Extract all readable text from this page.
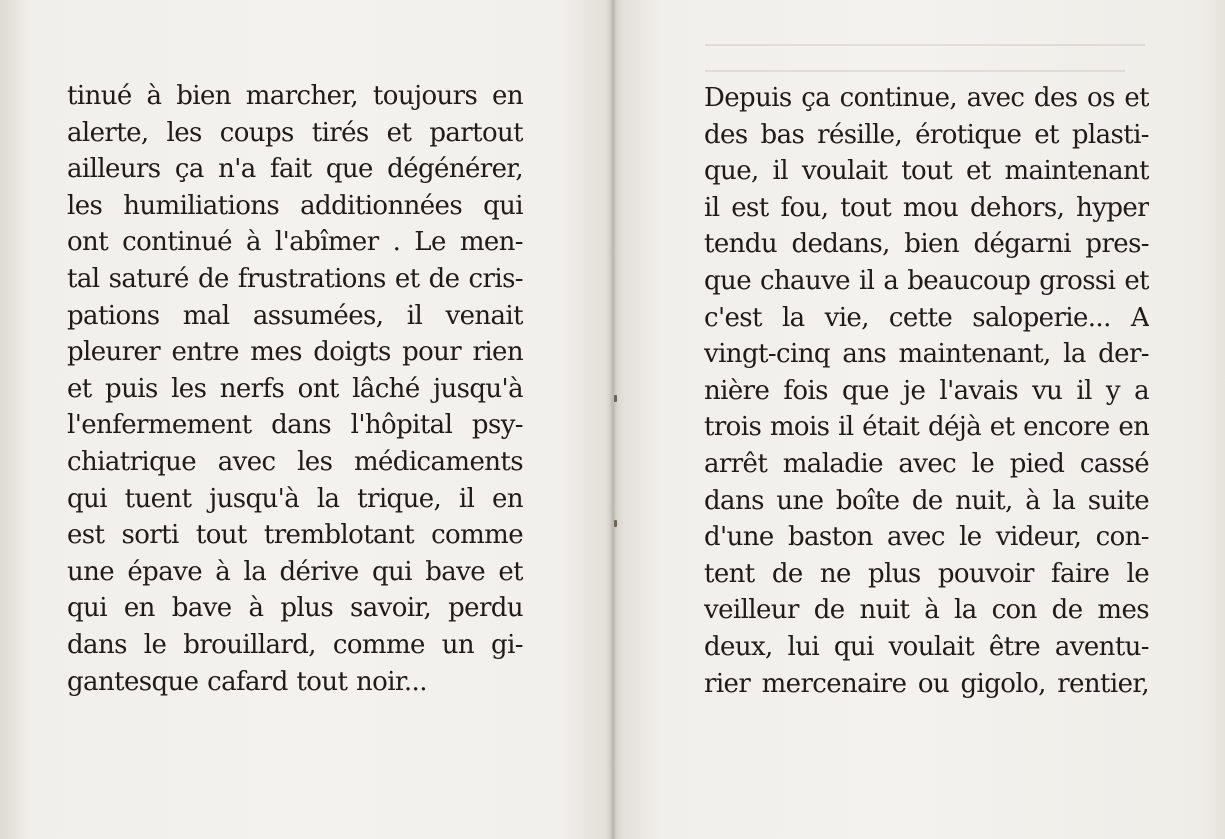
tinué à bien marcher, toujours en
alerte, les coups tirés et partout
ailleurs ça n'a fait que dégénérer,
les humiliations additionnées qui
ont continué à l'abîmer . Le men-
tal saturé de frustrations et de cris-
pations mal assumées, il venait
pleurer entre mes doigts pour rien
et puis les nerfs ont lâché jusqu'à
l'enfermement dans l'hôpital psy-
chiatrique avec les médicaments
qui tuent jusqu'à la trique, il en
est sorti tout tremblotant comme
une épave à la dérive qui bave et
qui en bave à plus savoir, perdu
dans le brouillard, comme un gi-
gantesque cafard tout noir...
Depuis ça continue, avec des os et
des bas résille, érotique et plasti-
que, il voulait tout et maintenant
il est fou, tout mou dehors, hyper
tendu dedans, bien dégarni pres-
que chauve il a beaucoup grossi et
c'est la vie, cette saloperie... A
vingt-cinq ans maintenant, la der-
nière fois que je l'avais vu il y a
trois mois il était déjà et encore en
arrêt maladie avec le pied cassé
dans une boîte de nuit, à la suite
d'une baston avec le videur, con-
tent de ne plus pouvoir faire le
veilleur de nuit à la con de mes
deux, lui qui voulait être aventu-
rier mercenaire ou gigolo, rentier,
